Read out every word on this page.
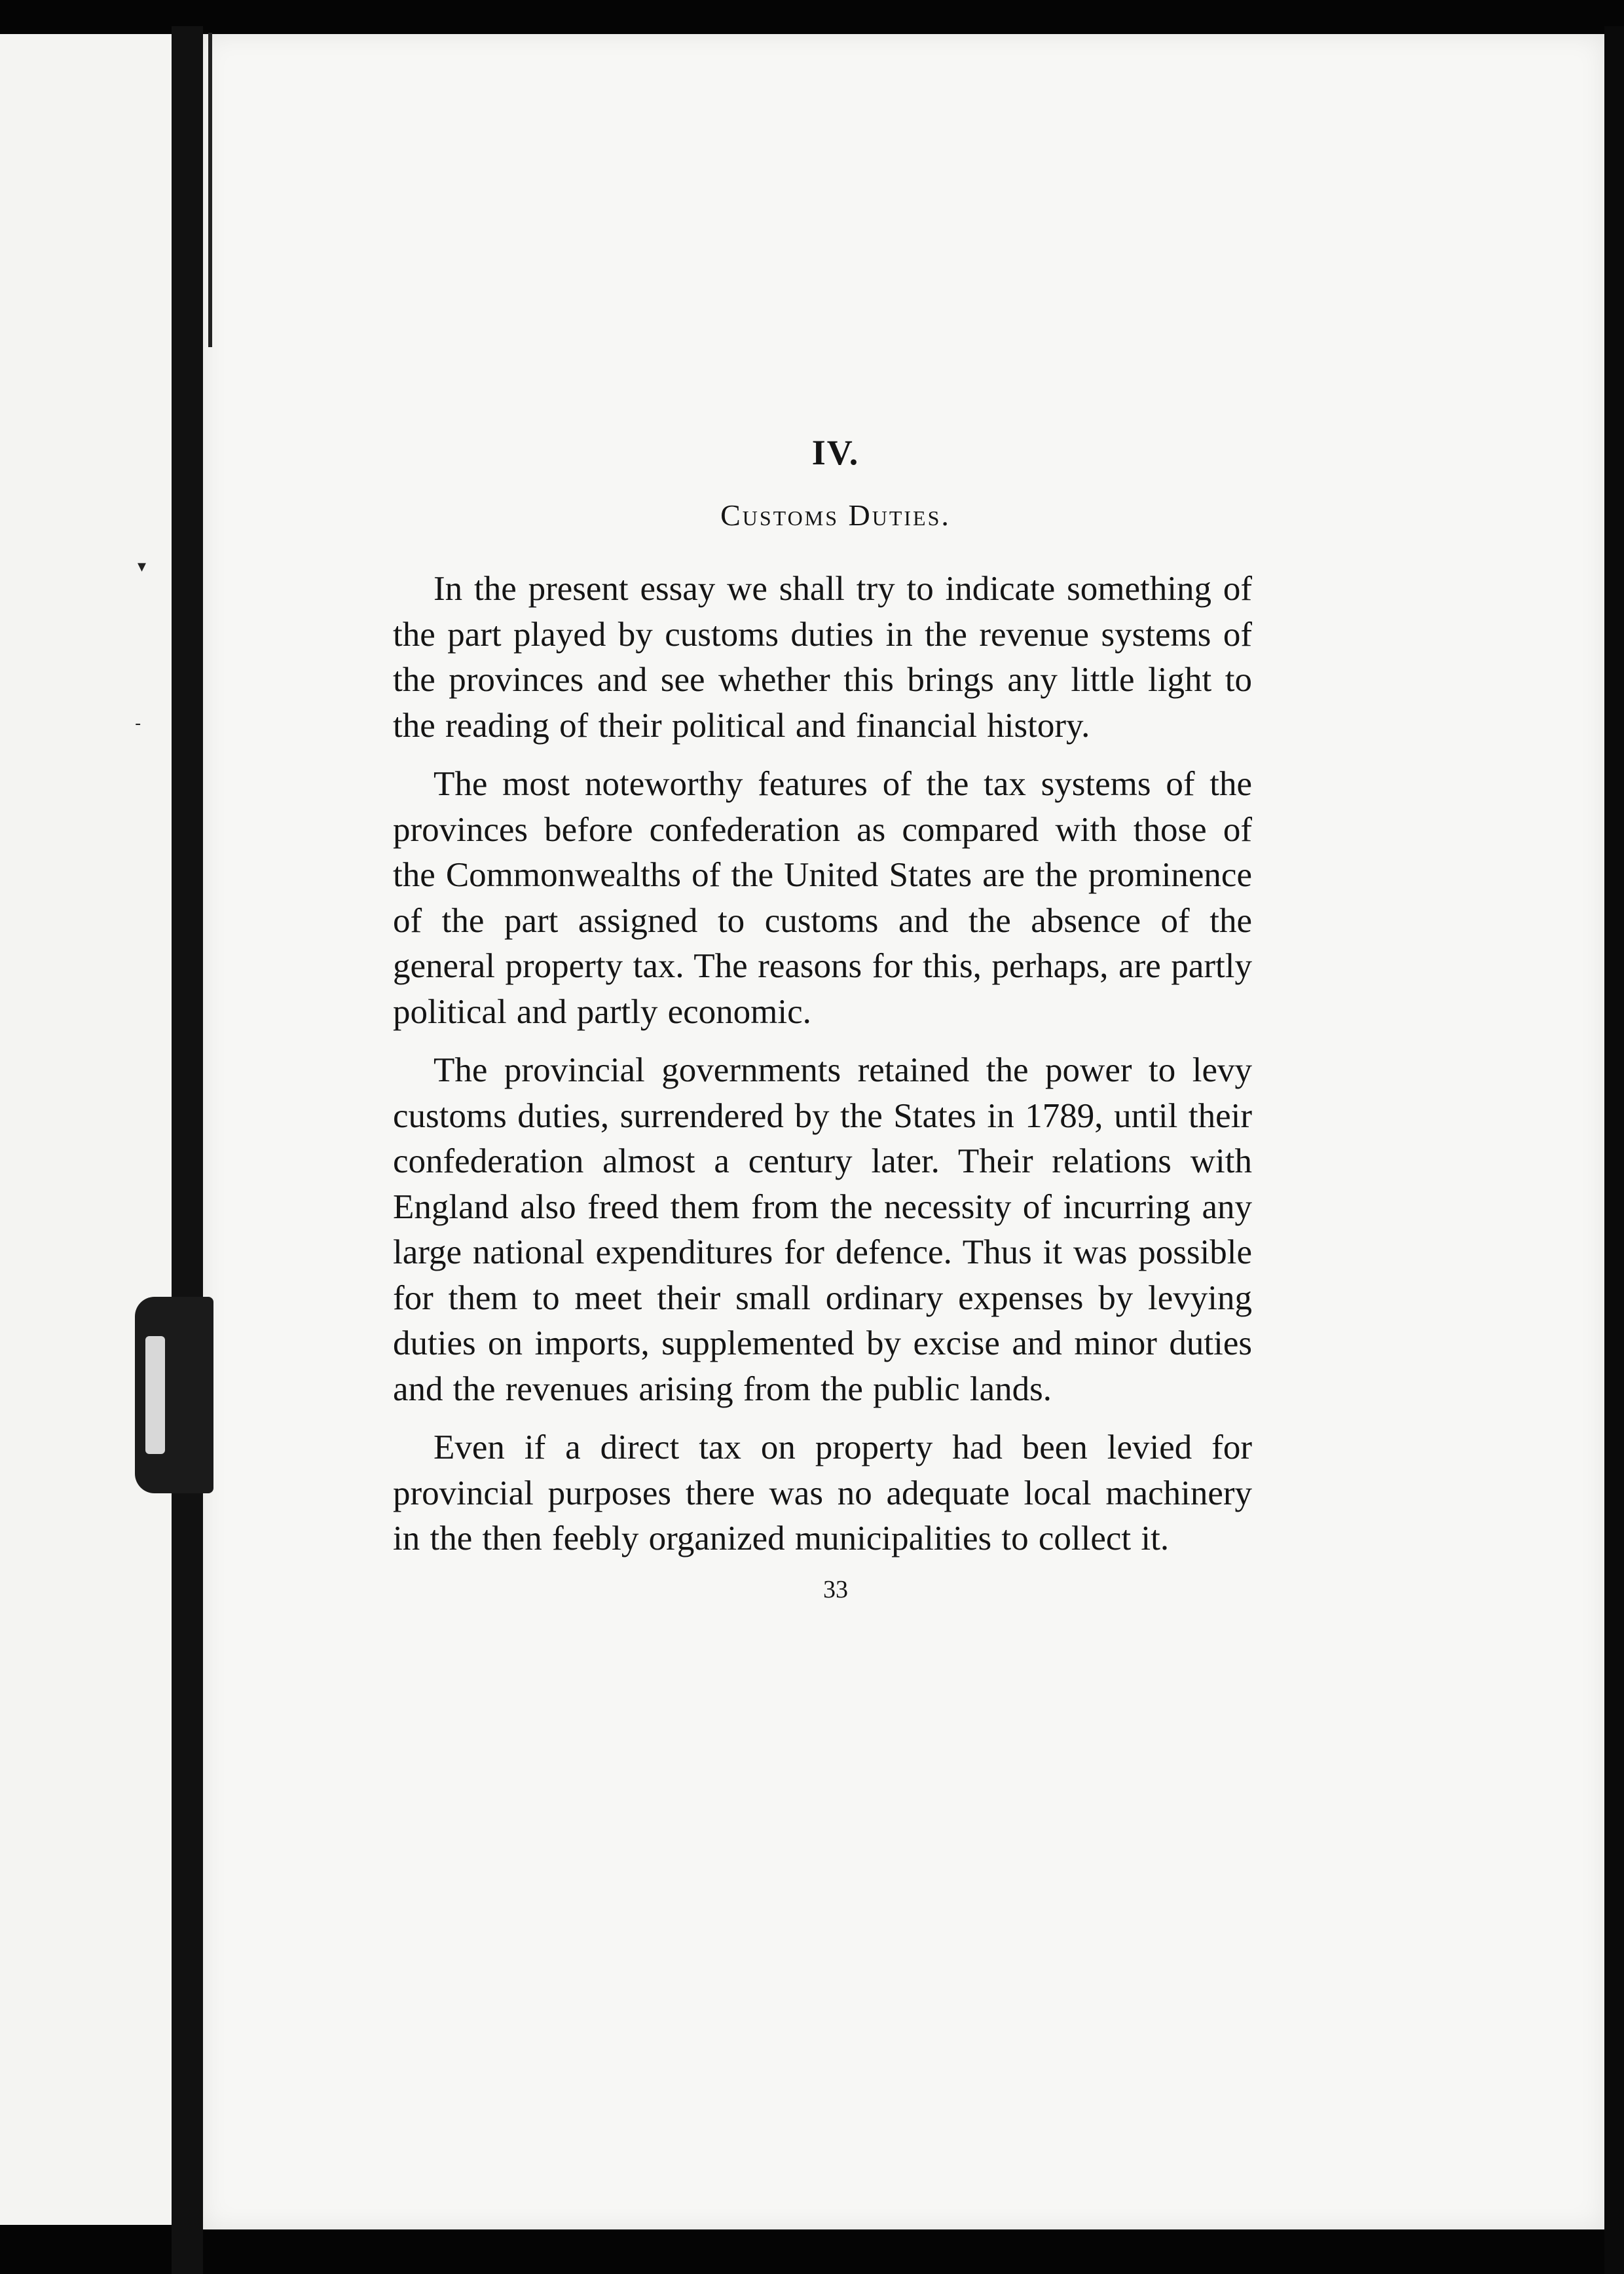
▾
-
IV.
Customs Duties.

In the present essay we shall try to indicate something of the part played by customs duties in the revenue systems of the provinces and see whether this brings any little light to the reading of their political and financial history.

The most noteworthy features of the tax systems of the provinces before confederation as compared with those of the Commonwealths of the United States are the prominence of the part assigned to customs and the absence of the general property tax. The reasons for this, perhaps, are partly political and partly economic.

The provincial governments retained the power to levy customs duties, surrendered by the States in 1789, until their confederation almost a century later. Their relations with England also freed them from the necessity of incurring any large national expenditures for defence. Thus it was possible for them to meet their small ordinary expenses by levying duties on imports, supplemented by excise and minor duties and the revenues arising from the public lands.

Even if a direct tax on property had been levied for provincial purposes there was no adequate local machinery in the then feebly organized municipalities to collect it.

33
